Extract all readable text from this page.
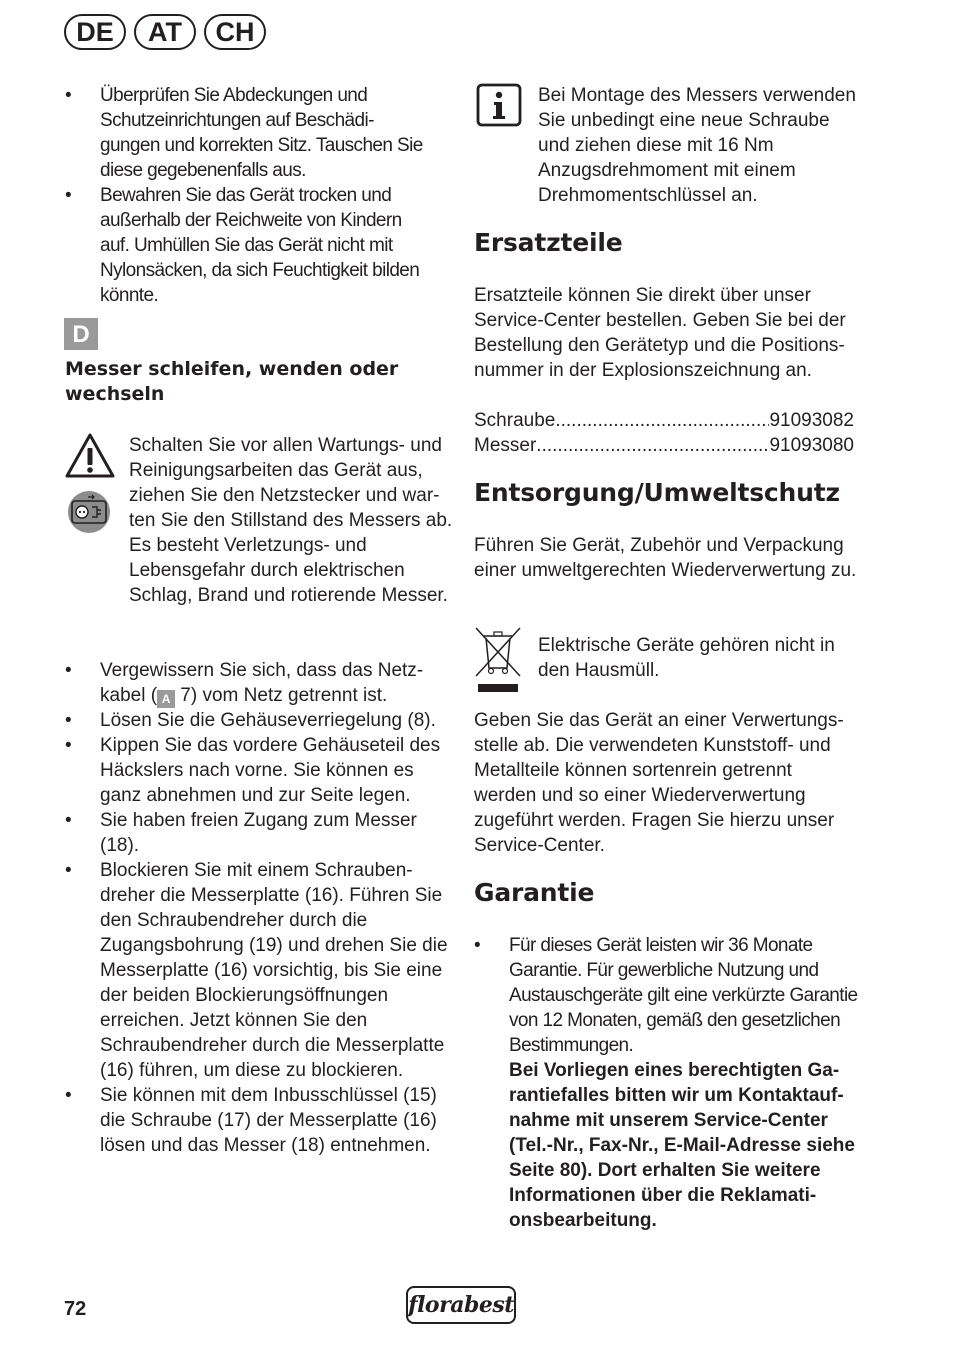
DE	AT	CH
• Überprüfen Sie Abdeckungen und Schutzeinrichtungen auf Beschädigungen und korrekten Sitz. Tauschen Sie diese gegebenenfalls aus.
• Bewahren Sie das Gerät trocken und außerhalb der Reichweite von Kindern auf. Umhüllen Sie das Gerät nicht mit Nylonsäcken, da sich Feuchtigkeit bilden könnte.
D
Messer schleifen, wenden oder wechseln
Schalten Sie vor allen Wartungs- und Reinigungsarbeiten das Gerät aus, ziehen Sie den Netzstecker und warten Sie den Stillstand des Messers ab. Es besteht Verletzungs- und Lebensgefahr durch elektrischen Schlag, Brand und rotierende Messer.
• Vergewissern Sie sich, dass das Netzkabel ( A 7) vom Netz getrennt ist.
• Lösen Sie die Gehäuseverriegelung (8).
• Kippen Sie das vordere Gehäuseteil des Häckslers nach vorne. Sie können es ganz abnehmen und zur Seite legen.
• Sie haben freien Zugang zum Messer (18).
• Blockieren Sie mit einem Schraubendreher die Messerplatte (16). Führen Sie den Schraubendreher durch die Zugangsbohrung (19) und drehen Sie die Messerplatte (16) vorsichtig, bis Sie eine der beiden Blockierungsöffnungen erreichen. Jetzt können Sie den Schraubendreher durch die Messerplatte (16) führen, um diese zu blockieren.
• Sie können mit dem Inbusschlüssel (15) die Schraube (17) der Messerplatte (16) lösen und das Messer (18) entnehmen.
Bei Montage des Messers verwenden Sie unbedingt eine neue Schraube und ziehen diese mit 16 Nm Anzugsdrehmoment mit einem Drehmomentschlüssel an.
Ersatzteile
Ersatzteile können Sie direkt über unser Service-Center bestellen. Geben Sie bei der Bestellung den Gerätetyp und die Positionsnummer in der Explosionszeichnung an.
Schraube .....	91093082
Messer .....	91093080
Entsorgung/Umweltschutz
Führen Sie Gerät, Zubehör und Verpackung einer umweltgerechten Wiederverwertung zu.
Elektrische Geräte gehören nicht in den Hausmüll.
Geben Sie das Gerät an einer Verwertungsstelle ab. Die verwendeten Kunststoff- und Metallteile können sortenrein getrennt werden und so einer Wiederverwertung zugeführt werden. Fragen Sie hierzu unser Service-Center.
Garantie
• Für dieses Gerät leisten wir 36 Monate Garantie. Für gewerbliche Nutzung und Austauschgeräte gilt eine verkürzte Garantie von 12 Monaten, gemäß den gesetzlichen Bestimmungen.
Bei Vorliegen eines berechtigten Garantiefalles bitten wir um Kontaktaufnahme mit unserem Service-Center (Tel.-Nr., Fax-Nr., E-Mail-Adresse siehe Seite 80). Dort erhalten Sie weitere Informationen über die Reklamationsbearbeitung.
72	florabest
